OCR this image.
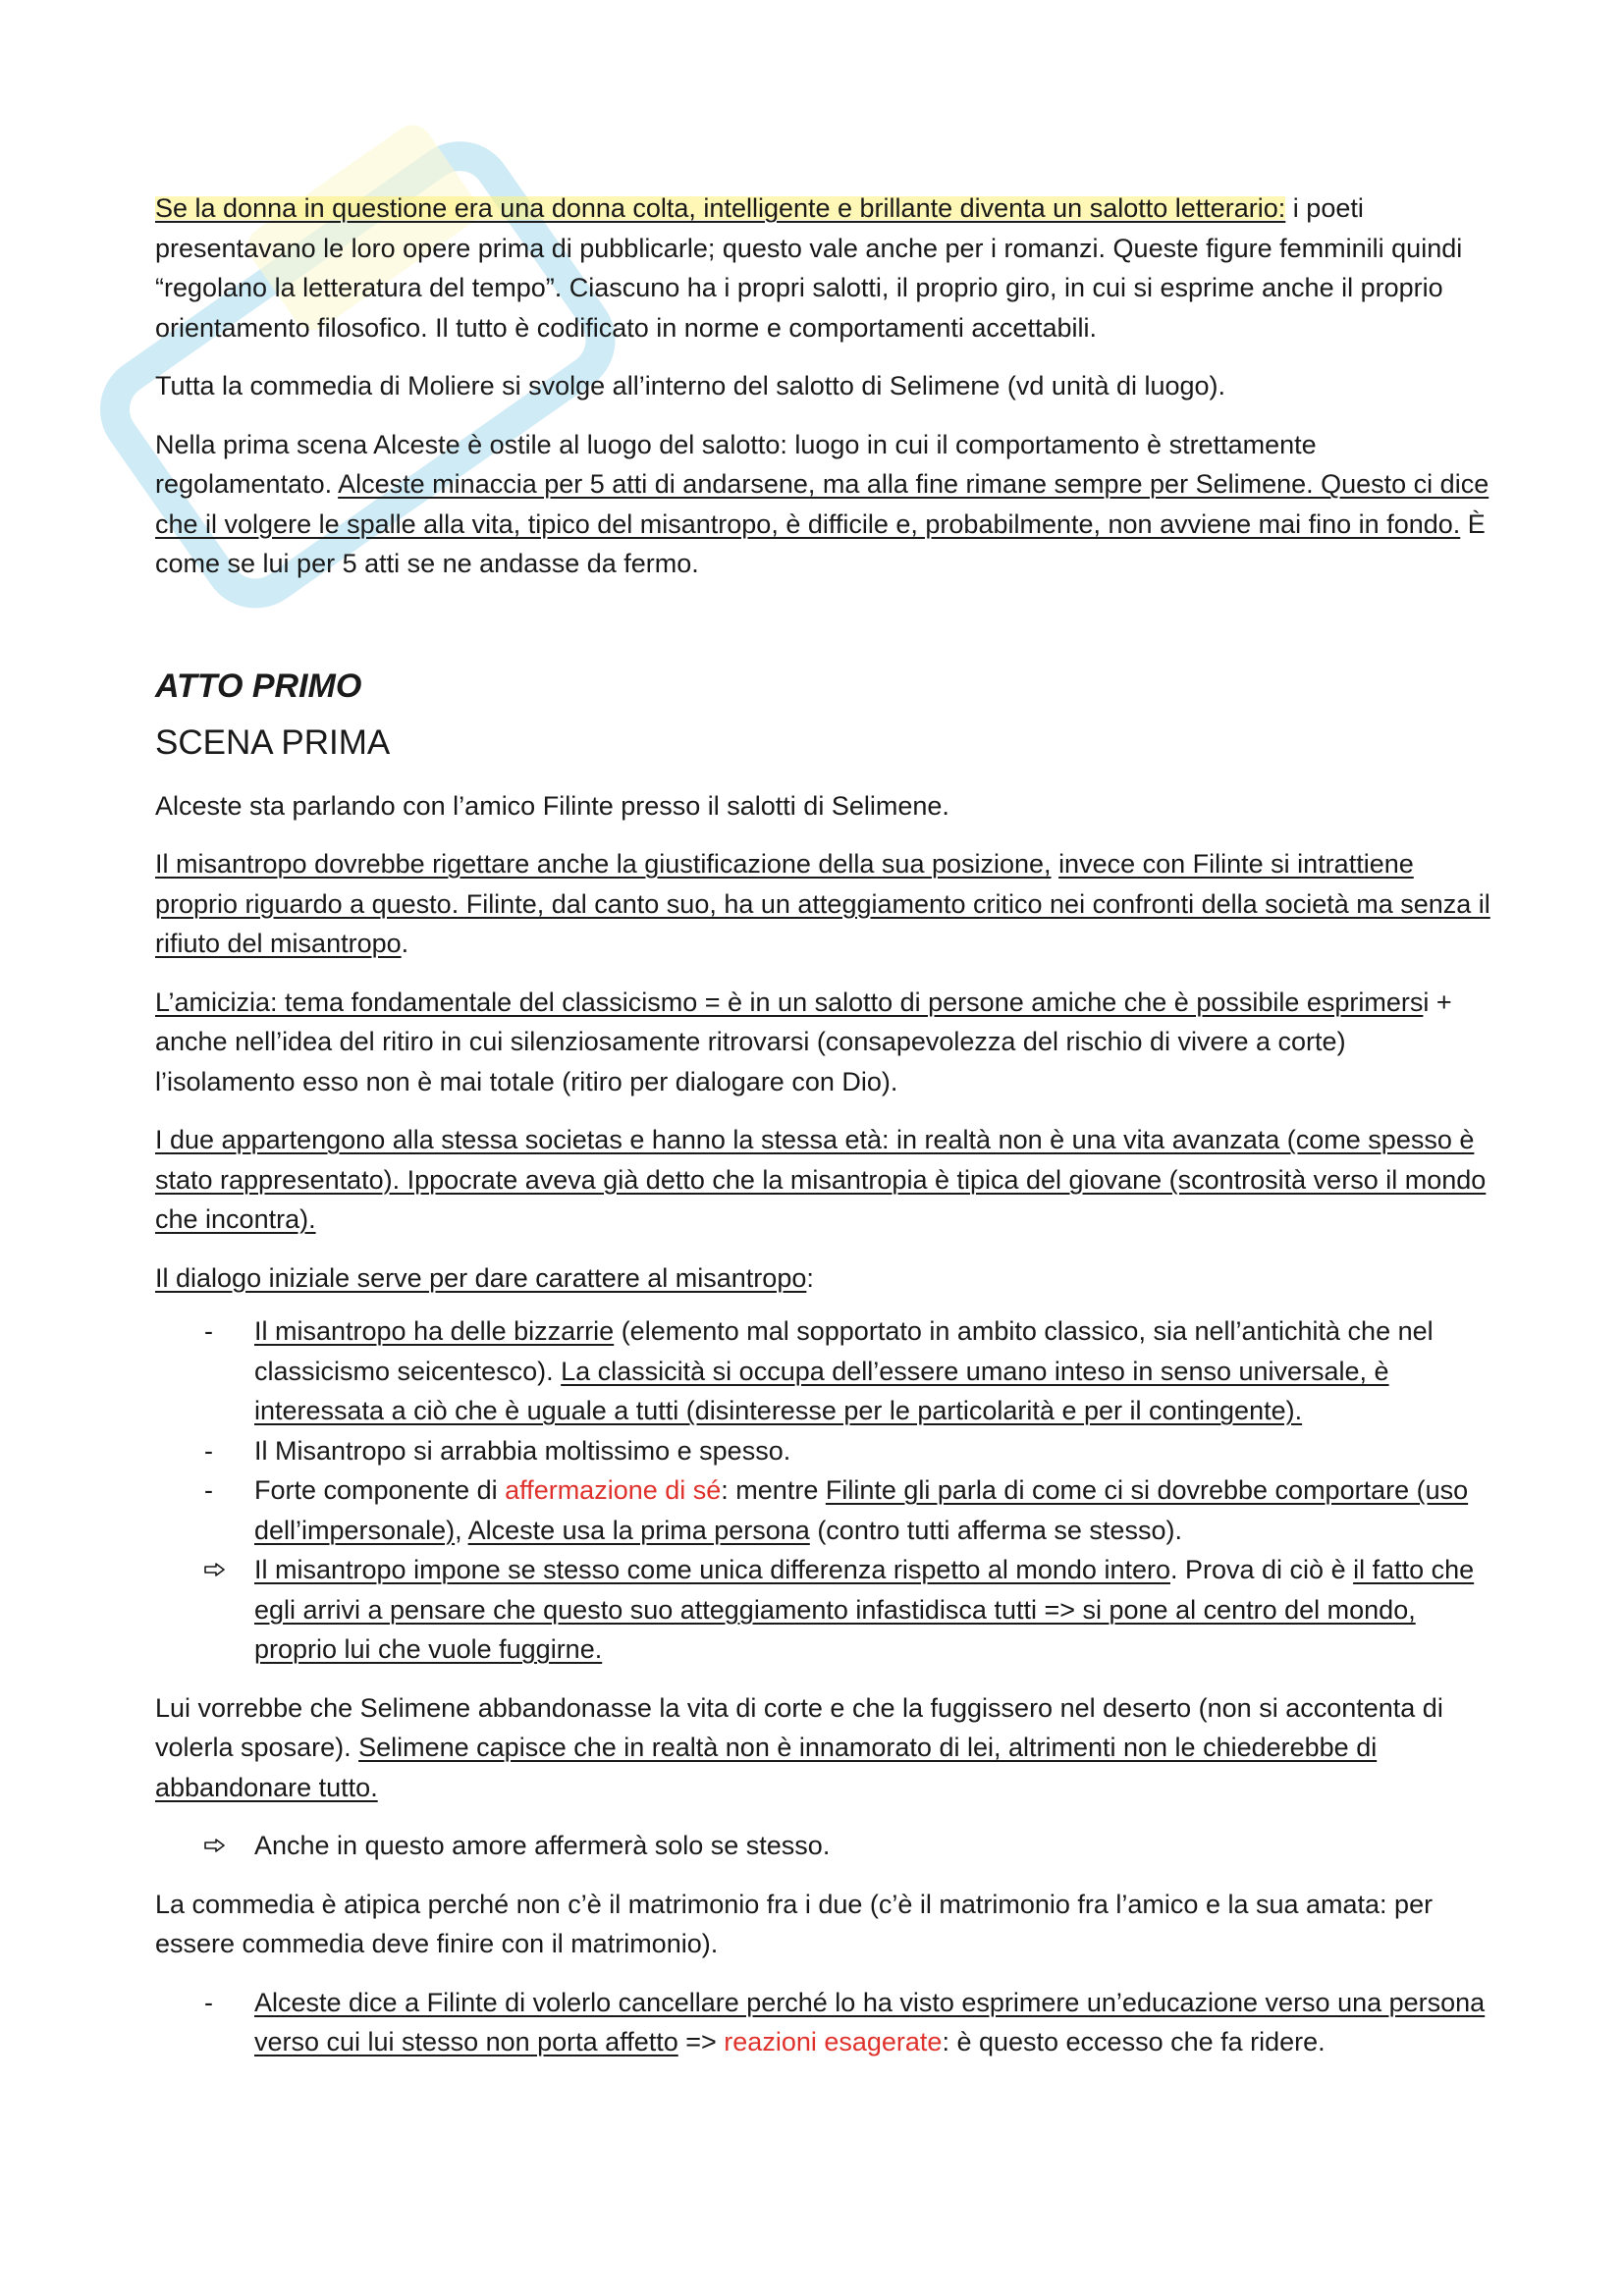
Se la donna in questione era una donna colta, intelligente e brillante diventa un salotto letterario: i poeti presentavano le loro opere prima di pubblicarle; questo vale anche per i romanzi. Queste figure femminili quindi “regolano la letteratura del tempo”. Ciascuno ha i propri salotti, il proprio giro, in cui si esprime anche il proprio orientamento filosofico. Il tutto è codificato in norme e comportamenti accettabili.

Tutta la commedia di Moliere si svolge all’interno del salotto di Selimene (vd unità di luogo).

Nella prima scena Alceste è ostile al luogo del salotto: luogo in cui il comportamento è strettamente regolamentato. Alceste minaccia per 5 atti di andarsene, ma alla fine rimane sempre per Selimene. Questo ci dice che il volgere le spalle alla vita, tipico del misantropo, è difficile e, probabilmente, non avviene mai fino in fondo. È come se lui per 5 atti se ne andasse da fermo.

ATTO PRIMO
SCENA PRIMA

Alceste sta parlando con l’amico Filinte presso il salotti di Selimene.

Il misantropo dovrebbe rigettare anche la giustificazione della sua posizione, invece con Filinte si intrattiene proprio riguardo a questo. Filinte, dal canto suo, ha un atteggiamento critico nei confronti della società ma senza il rifiuto del misantropo.

L’amicizia: tema fondamentale del classicismo = è in un salotto di persone amiche che è possibile esprimersi + anche nell’idea del ritiro in cui silenziosamente ritrovarsi (consapevolezza del rischio di vivere a corte) l’isolamento esso non è mai totale (ritiro per dialogare con Dio).

I due appartengono alla stessa societas e hanno la stessa età: in realtà non è una vita avanzata (come spesso è stato rappresentato). Ippocrate aveva già detto che la misantropia è tipica del giovane (scontrosità verso il mondo che incontra).

Il dialogo iniziale serve per dare carattere al misantropo:

-	Il misantropo ha delle bizzarrie (elemento mal sopportato in ambito classico, sia nell’antichità che nel classicismo seicentesco). La classicità si occupa dell’essere umano inteso in senso universale, è interessata a ciò che è uguale a tutti (disinteresse per le particolarità e per il contingente).
-	Il Misantropo si arrabbia moltissimo e spesso.
-	Forte componente di affermazione di sé: mentre Filinte gli parla di come ci si dovrebbe comportare (uso dell’impersonale), Alceste usa la prima persona (contro tutti afferma se stesso).
Il misantropo impone se stesso come unica differenza rispetto al mondo intero. Prova di ciò è il fatto che egli arrivi a pensare che questo suo atteggiamento infastidisca tutti => si pone al centro del mondo, proprio lui che vuole fuggirne.

Lui vorrebbe che Selimene abbandonasse la vita di corte e che la fuggissero nel deserto (non si accontenta di volerla sposare). Selimene capisce che in realtà non è innamorato di lei, altrimenti non le chiederebbe di abbandonare tutto.

Anche in questo amore affermerà solo se stesso.

La commedia è atipica perché non c’è il matrimonio fra i due (c’è il matrimonio fra l’amico e la sua amata: per essere commedia deve finire con il matrimonio).

-	Alceste dice a Filinte di volerlo cancellare perché lo ha visto esprimere un’educazione verso una persona verso cui lui stesso non porta affetto => reazioni esagerate: è questo eccesso che fa ridere.
